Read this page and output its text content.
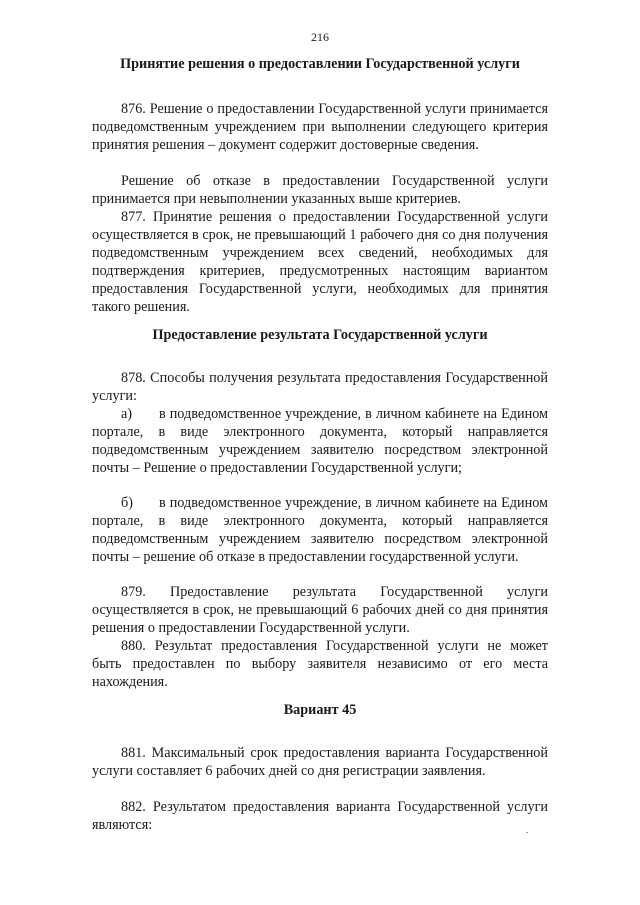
216
Принятие решения о предоставлении Государственной услуги
876. Решение о предоставлении Государственной услуги принимается подведомственным учреждением при выполнении следующего критерия принятия решения – документ содержит достоверные сведения.
Решение об отказе в предоставлении Государственной услуги принимается при невыполнении указанных выше критериев.
877. Принятие решения о предоставлении Государственной услуги осуществляется в срок, не превышающий 1 рабочего дня со дня получения подведомственным учреждением всех сведений, необходимых для подтверждения критериев, предусмотренных настоящим вариантом предоставления Государственной услуги, необходимых для принятия такого решения.
Предоставление результата Государственной услуги
878. Способы получения результата предоставления Государственной услуги:
а) в подведомственное учреждение, в личном кабинете на Едином портале, в виде электронного документа, который направляется подведомственным учреждением заявителю посредством электронной почты – Решение о предоставлении Государственной услуги;
б) в подведомственное учреждение, в личном кабинете на Едином портале, в виде электронного документа, который направляется подведомственным учреждением заявителю посредством электронной почты – решение об отказе в предоставлении государственной услуги.
879. Предоставление результата Государственной услуги осуществляется в срок, не превышающий 6 рабочих дней со дня принятия решения о предоставлении Государственной услуги.
880. Результат предоставления Государственной услуги не может быть предоставлен по выбору заявителя независимо от его места нахождения.
Вариант 45
881. Максимальный срок предоставления варианта Государственной услуги составляет 6 рабочих дней со дня регистрации заявления.
882. Результатом предоставления варианта Государственной услуги являются:
